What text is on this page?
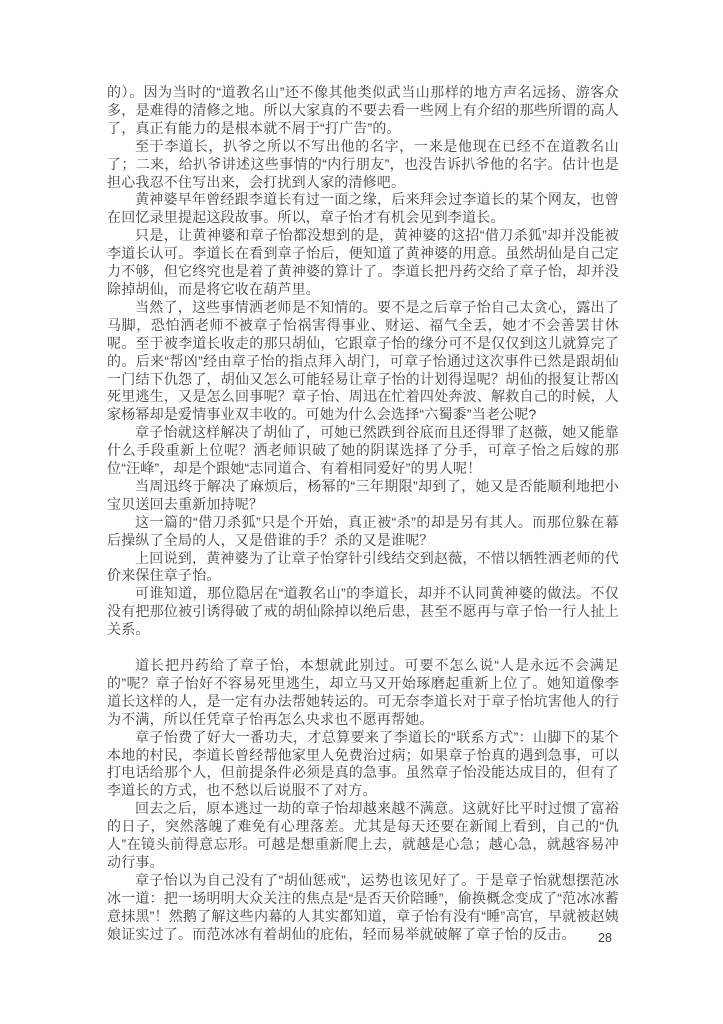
的）。因为当时的“道教名山”还不像其他类似武当山那样的地方声名远扬、游客众多，是难得的清修之地。所以大家真的不要去看一些网上有介绍的那些所谓的高人了，真正有能力的是根本就不屑于“打广告”的。

至于李道长，扒爷之所以不写出他的名字，一来是他现在已经不在道教名山了；二来，给扒爷讲述这些事情的“内行朋友”，也没告诉扒爷他的名字。估计也是担心我忍不住写出来，会打扰到人家的清修吧。

黄神婆早年曾经跟李道长有过一面之缘，后来拜会过李道长的某个网友，也曾在回忆录里提起这段故事。所以，章子怡才有机会见到李道长。

只是，让黄神婆和章子怡都没想到的是，黄神婆的这招“借刀杀狐”却并没能被李道长认可。李道长在看到章子怡后，便知道了黄神婆的用意。虽然胡仙是自己定力不够，但它终究也是着了黄神婆的算计了。李道长把丹药交给了章子怡，却并没除掉胡仙，而是将它收在葫芦里。

当然了，这些事情洒老师是不知情的。要不是之后章子怡自己太贪心，露出了马脚，恐怕洒老师不被章子怡祸害得事业、财运、福气全丢，她才不会善罢甘休呢。至于被李道长收走的那只胡仙，它跟章子怡的缘分可不是仅仅到这儿就算完了的。后来“帮凶”经由章子怡的指点拜入胡门，可章子怡通过这次事件已然是跟胡仙一门结下仇怨了，胡仙又怎么可能轻易让章子怡的计划得逞呢？胡仙的报复让帮凶死里逃生，又是怎么回事呢？章子怡、周迅在忙着四处奔波、解救自己的时候，人家杨幂却是爱情事业双丰收的。可她为什么会选择“六蜀黍”当老公呢?

章子怡就这样解决了胡仙了，可她已然跌到谷底而且还得罪了赵薇，她又能靠什么手段重新上位呢？洒老师识破了她的阴谋选择了分手，可章子怡之后嫁的那位“汪峰”，却是个跟她“志同道合、有着相同爱好”的男人呢！

当周迅终于解决了麻烦后，杨幂的“三年期限”却到了，她又是否能顺利地把小宝贝送回去重新加持呢？

这一篇的“借刀杀狐”只是个开始，真正被“杀”的却是另有其人。而那位躲在幕后操纵了全局的人，又是借谁的手？杀的又是谁呢？

上回说到，黄神婆为了让章子怡穿针引线结交到赵薇，不惜以牺牲洒老师的代价来保住章子怡。

可谁知道，那位隐居在“道教名山”的李道长，却并不认同黄神婆的做法。不仅没有把那位被引诱得破了戒的胡仙除掉以绝后患，甚至不愿再与章子怡一行人扯上关系。

道长把丹药给了章子怡，本想就此别过。可要不怎么说“人是永远不会满足的”呢？章子怡好不容易死里逃生，却立马又开始琢磨起重新上位了。她知道像李道长这样的人，是一定有办法帮她转运的。可无奈李道长对于章子怡坑害他人的行为不满，所以任凭章子怡再怎么央求也不愿再帮她。

章子怡费了好大一番功夫，才总算要来了李道长的“联系方式”：山脚下的某个本地的村民，李道长曾经帮他家里人免费治过病；如果章子怡真的遇到急事，可以打电话给那个人，但前提条件必须是真的急事。虽然章子怡没能达成目的，但有了李道长的方式，也不愁以后说服不了对方。

回去之后，原本逃过一劫的章子怡却越来越不满意。这就好比平时过惯了富裕的日子，突然落魄了难免有心理落差。尤其是每天还要在新闻上看到，自己的“仇人”在镜头前得意忘形。可越是想重新爬上去，就越是心急；越心急，就越容易冲动行事。

章子怡以为自己没有了“胡仙惩戒”，运势也该见好了。于是章子怡就想摆范冰冰一道：把一场明明大众关注的焦点是“是否天价陪睡”，偷换概念变成了“范冰冰蓄意抹黑”！然鹅了解这些内幕的人其实都知道，章子怡有没有“睡”高官，早就被赵姨娘证实过了。而范冰冰有着胡仙的庇佑，轻而易举就破解了章子怡的反击。	28
